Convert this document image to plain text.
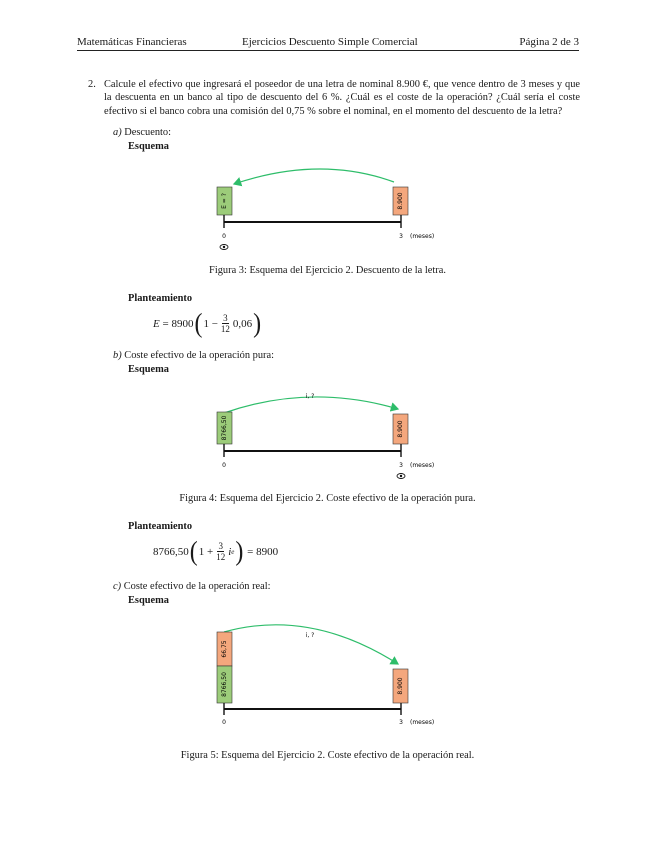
Matemáticas Financieras	Ejercicios Descuento Simple Comercial	Página 2 de 3
2. Calcule el efectivo que ingresará el poseedor de una letra de nominal 8.900 €, que vence dentro de 3 meses y que la descuenta en un banco al tipo de descuento del 6 %. ¿Cuál es el coste de la operación? ¿Cuál sería el coste efectivo si el banco cobra una comisión del 0,75 % sobre el nominal, en el momento del descuento de la letra?
a) Descuento:
Esquema
E = ?	8.900
0	3 (meses)
Figura 3: Esquema del Ejercicio 2. Descuento de la letra.
Planteamiento
E
=
8900 ( 1
− $\frac{3}{12} 0,06$ )
b) Coste efectivo de la operación pura:
Esquema
i, ?
8766,50	8.900
0	3 (meses)
Figura 4: Esquema del Ejercicio 2. Coste efectivo de la operación pura.
Planteamiento
8766,50 ( 1
+ $\frac{3}{12}$ i e )
=
8900
c) Coste efectivo de la operación real:
Esquema
i, ?
66,75
8766,50	8.900
0	3 (meses)
Figura 5: Esquema del Ejercicio 2. Coste efectivo de la operación real.
